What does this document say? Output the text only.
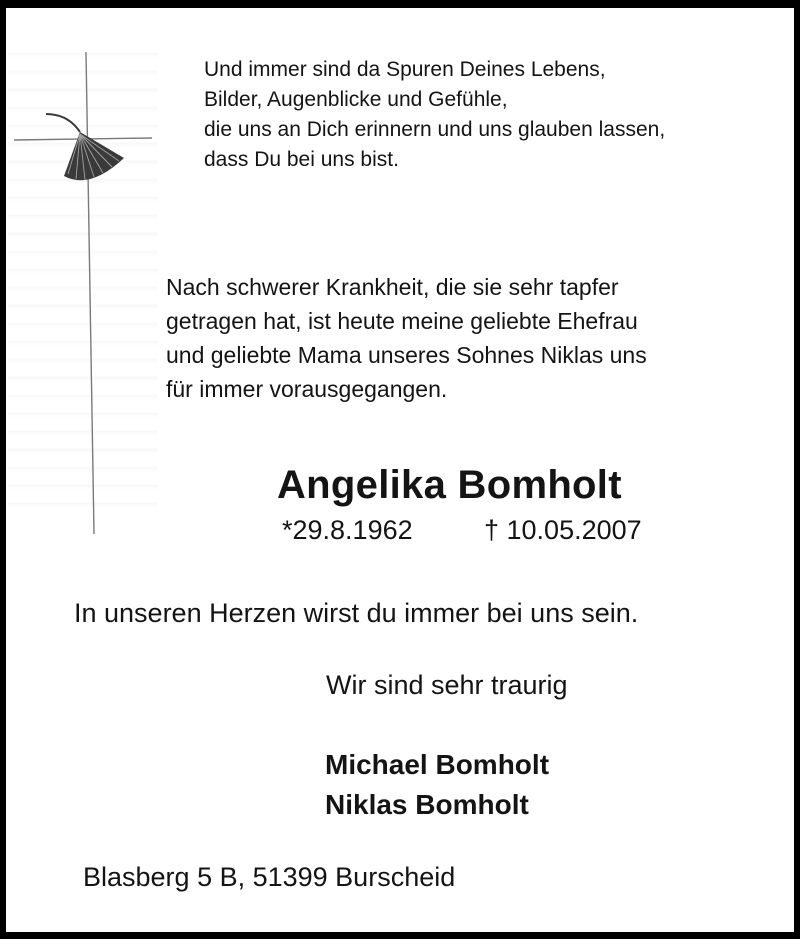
Und immer sind da Spuren Deines Lebens,
Bilder, Augenblicke und Gefühle,
die uns an Dich erinnern und uns glauben lassen,
dass Du bei uns bist.
Nach schwerer Krankheit, die sie sehr tapfer
getragen hat, ist heute meine geliebte Ehefrau
und geliebte Mama unseres Sohnes Niklas uns
für immer vorausgegangen.
Angelika Bomholt
*29.8.1962	† 10.05.2007
In unseren Herzen wirst du immer bei uns sein.
Wir sind sehr traurig
Michael Bomholt
Niklas Bomholt
Blasberg 5 B, 51399 Burscheid
